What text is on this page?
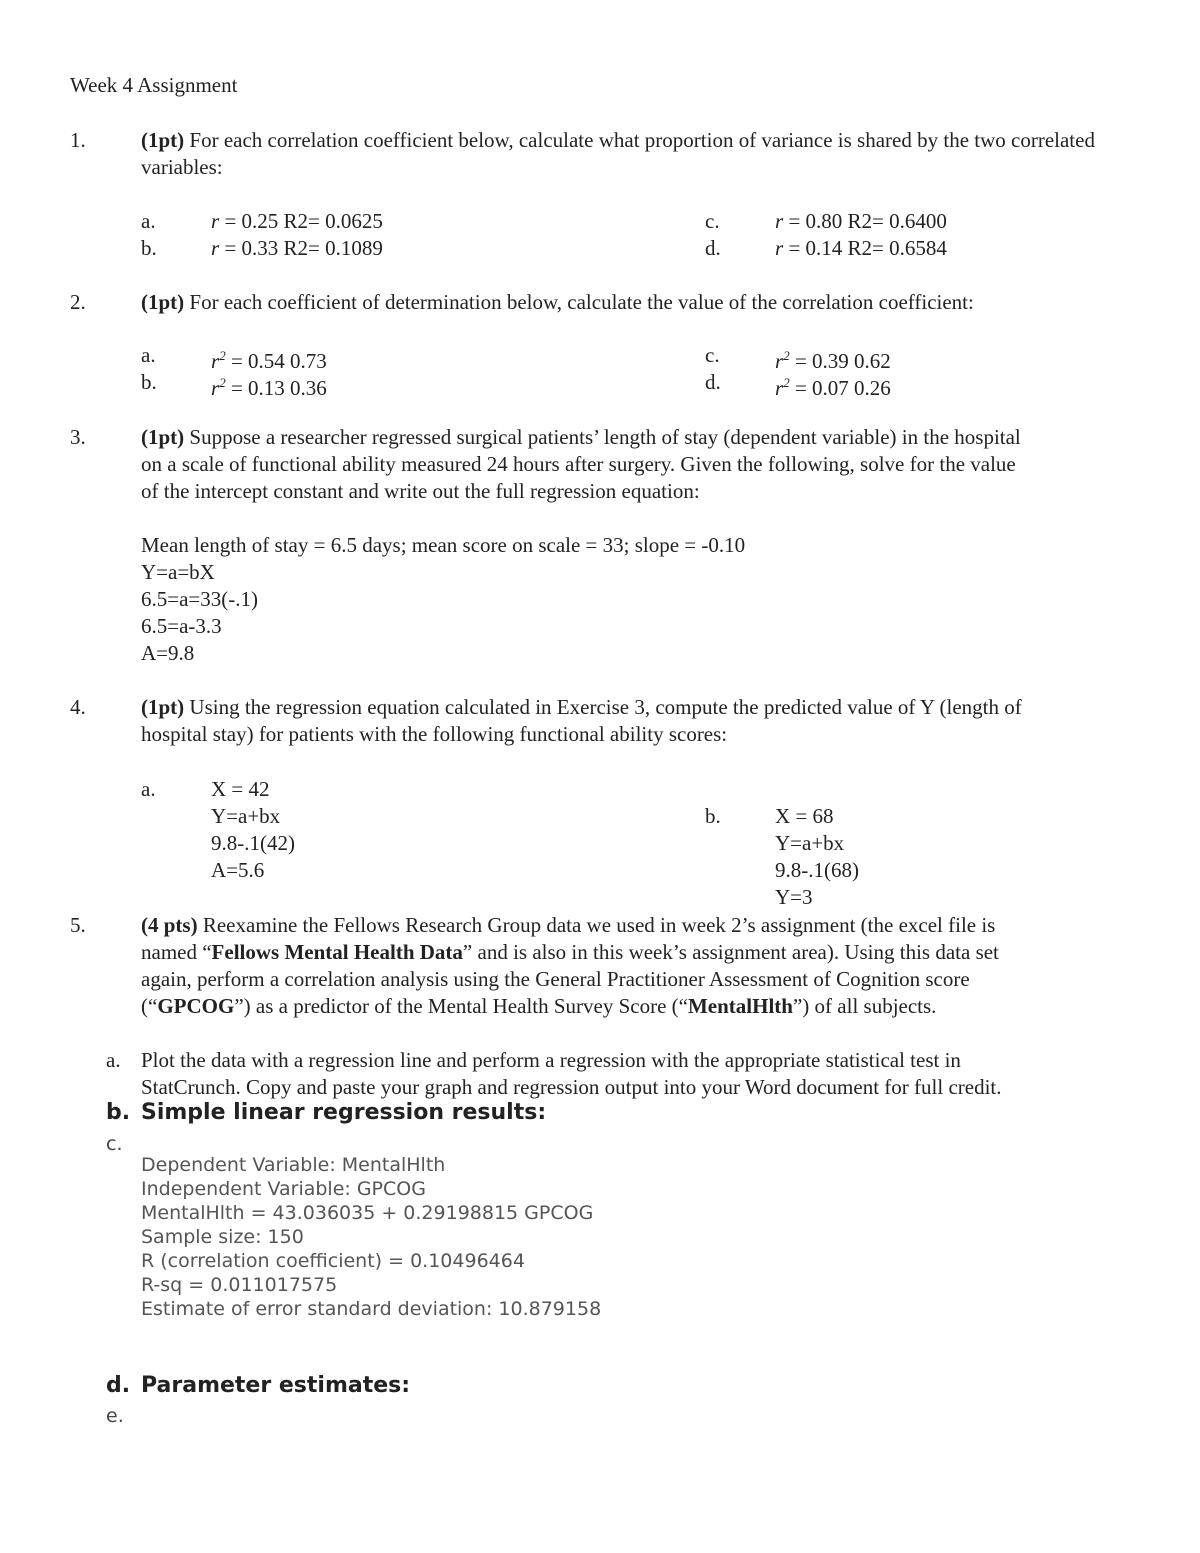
Week 4 Assignment
1.	(1pt) For each correlation coefficient below, calculate what proportion of variance is shared by the two correlated variables:
a.	r = 0.25 R2= 0.0625
b.	r = 0.33 R2= 0.1089
c.	r = 0.80 R2= 0.6400
d.	r = 0.14 R2= 0.6584
2.	(1pt) For each coefficient of determination below, calculate the value of the correlation coefficient:
a.	$r^2 = 0.54$ 0.73
b.	$r^2 = 0.13$ 0.36
c.	$r^2 = 0.39$ 0.62
d.	$r^2 = 0.07$ 0.26
3.	(1pt) Suppose a researcher regressed surgical patients’ length of stay (dependent variable) in the hospital
on a scale of functional ability measured 24 hours after surgery. Given the following, solve for the value
of the intercept constant and write out the full regression equation:
Mean length of stay = 6.5 days; mean score on scale = 33; slope = -0.10
Y=a=bX
6.5=a=33(-.1)
6.5=a-3.3
A=9.8
4.	(1pt) Using the regression equation calculated in Exercise 3, compute the predicted value of Y (length of
hospital stay) for patients with the following functional ability scores:
a.	X = 42
Y=a+bx
9.8-.1(42)
A=5.6
b.	X = 68
Y=a+bx
9.8-.1(68)
Y=3
5.	(4 pts) Reexamine the Fellows Research Group data we used in week 2’s assignment (the excel file is
named “Fellows Mental Health Data” and is also in this week’s assignment area). Using this data set
again, perform a correlation analysis using the General Practitioner Assessment of Cognition score
(“GPCOG”) as a predictor of the Mental Health Survey Score (“MentalHlth”) of all subjects.
a. Plot the data with a regression line and perform a regression with the appropriate statistical test in
StatCrunch. Copy and paste your graph and regression output into your Word document for full credit.
b. Simple linear regression results:
c.
Dependent Variable: MentalHlth
Independent Variable: GPCOG
MentalHlth = 43.036035 + 0.29198815 GPCOG
Sample size: 150
R (correlation coefficient) = 0.10496464
R-sq = 0.011017575
Estimate of error standard deviation: 10.879158
d. Parameter estimates:
e.
